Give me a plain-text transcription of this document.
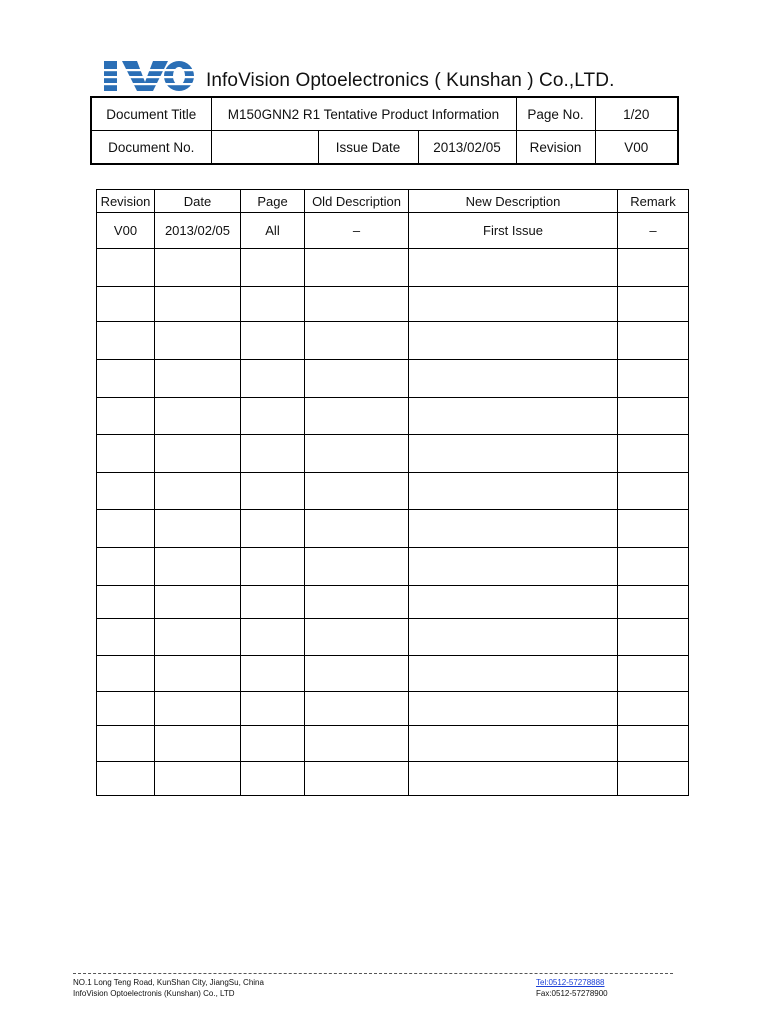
InfoVision Optoelectronics ( Kunshan ) Co.,LTD.
Document Title	M150GNN2 R1 Tentative Product Information			Page No.	1/20
Document No.		Issue Date	2013/02/05	Revision	V00
Revision	Date	Page	Old Description	New Description	Remark
V00	2013/02/05	All	–	First Issue	–

NO.1 Long Teng Road, KunShan City, JiangSu, China
InfoVision Optoelectronis (Kunshan) Co., LTD
Tel:0512-57278888
Fax:0512-57278900
